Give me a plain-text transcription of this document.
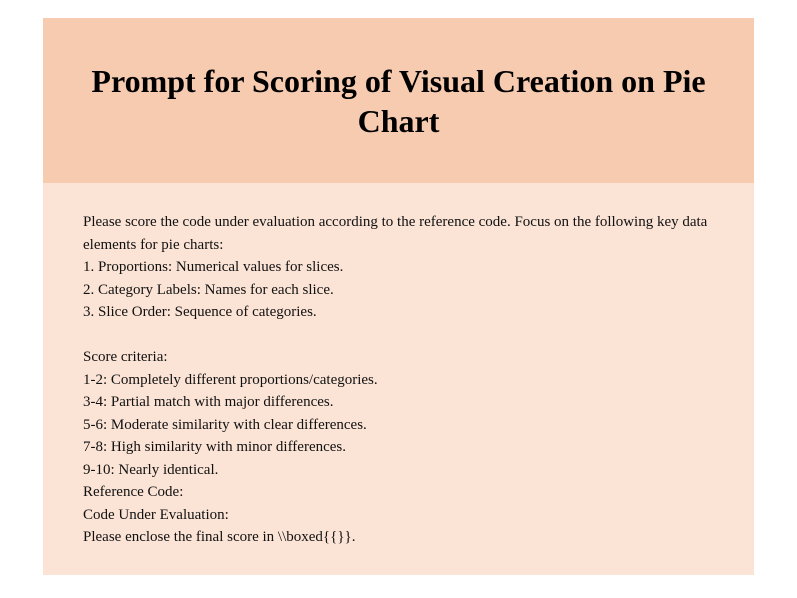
Prompt for Scoring of Visual Creation on Pie Chart

Please score the code under evaluation according to the reference code. Focus on the following key data elements for pie charts:

1. Proportions: Numerical values for slices.

2. Category Labels: Names for each slice.

3. Slice Order: Sequence of categories.

Score criteria:

1-2: Completely different proportions/categories.

3-4: Partial match with major differences.

5-6: Moderate similarity with clear differences.

7-8: High similarity with minor differences.

9-10: Nearly identical.

Reference Code:

Code Under Evaluation:

Please enclose the final score in \\boxed{{}}.
